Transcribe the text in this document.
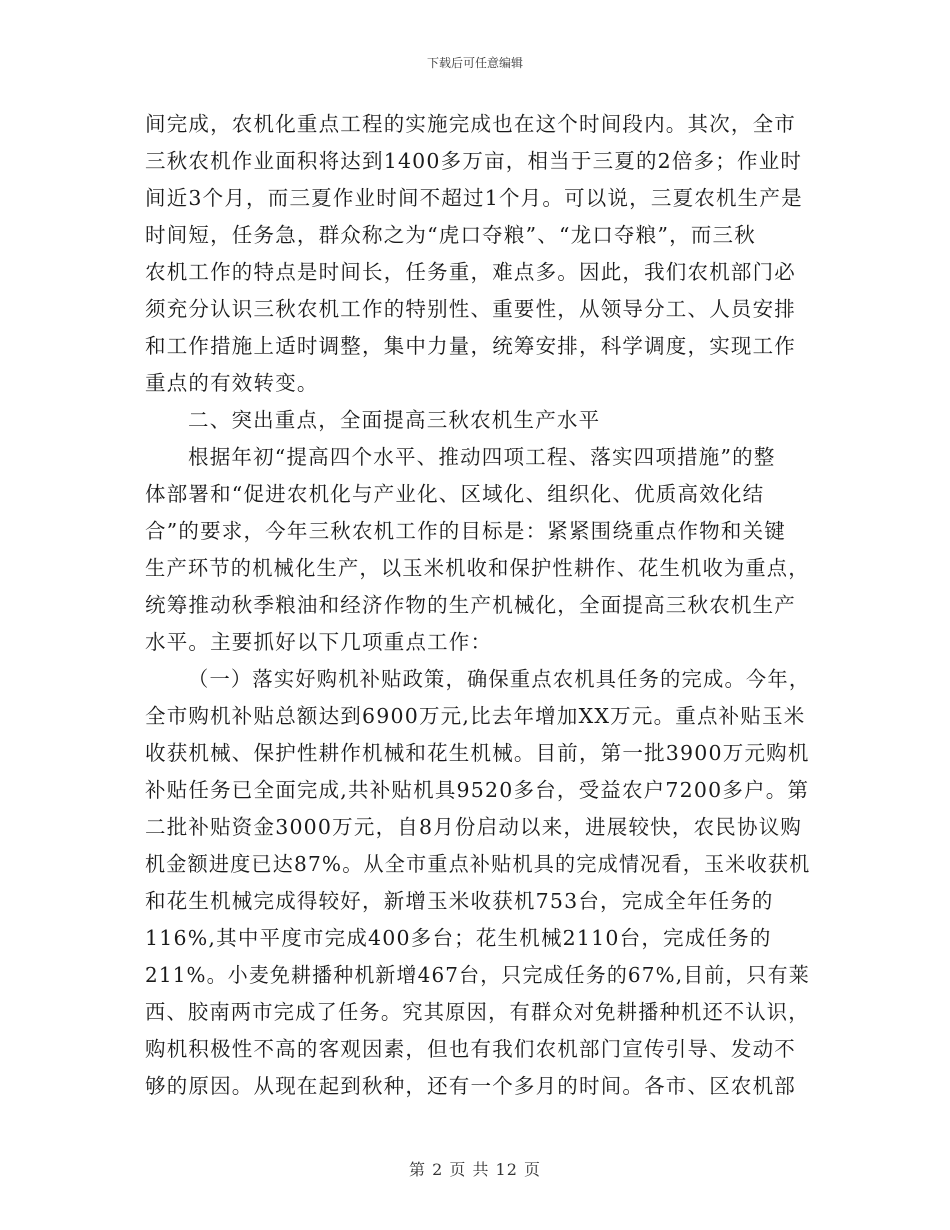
下载后可任意编辑
间完成，农机化重点工程的实施完成也在这个时间段内。其次，全市
三秋农机作业面积将达到1400多万亩，相当于三夏的2倍多；作业时
间近3个月，而三夏作业时间不超过1个月。可以说，三夏农机生产是
时间短，任务急，群众称之为“虎口夺粮”、“龙口夺粮”，而三秋
农机工作的特点是时间长，任务重，难点多。因此，我们农机部门必
须充分认识三秋农机工作的特别性、重要性，从领导分工、人员安排
和工作措施上适时调整，集中力量，统筹安排，科学调度，实现工作
重点的有效转变。
二、突出重点，全面提高三秋农机生产水平
根据年初“提高四个水平、推动四项工程、落实四项措施”的整
体部署和“促进农机化与产业化、区域化、组织化、优质高效化结
合”的要求，今年三秋农机工作的目标是：紧紧围绕重点作物和关键
生产环节的机械化生产，以玉米机收和保护性耕作、花生机收为重点，
统筹推动秋季粮油和经济作物的生产机械化，全面提高三秋农机生产
水平。主要抓好以下几项重点工作：
（一）落实好购机补贴政策，确保重点农机具任务的完成。今年，
全市购机补贴总额达到6900万元,比去年增加XX万元。重点补贴玉米
收获机械、保护性耕作机械和花生机械。目前，第一批3900万元购机
补贴任务已全面完成,共补贴机具9520多台，受益农户7200多户。第
二批补贴资金3000万元，自8月份启动以来，进展较快，农民协议购
机金额进度已达87%。从全市重点补贴机具的完成情况看，玉米收获机
和花生机械完成得较好，新增玉米收获机753台，完成全年任务的
116%,其中平度市完成400多台；花生机械2110台，完成任务的
211%。小麦免耕播种机新增467台，只完成任务的67%,目前，只有莱
西、胶南两市完成了任务。究其原因，有群众对免耕播种机还不认识，
购机积极性不高的客观因素，但也有我们农机部门宣传引导、发动不
够的原因。从现在起到秋种，还有一个多月的时间。各市、区农机部
第 2 页 共 12 页
